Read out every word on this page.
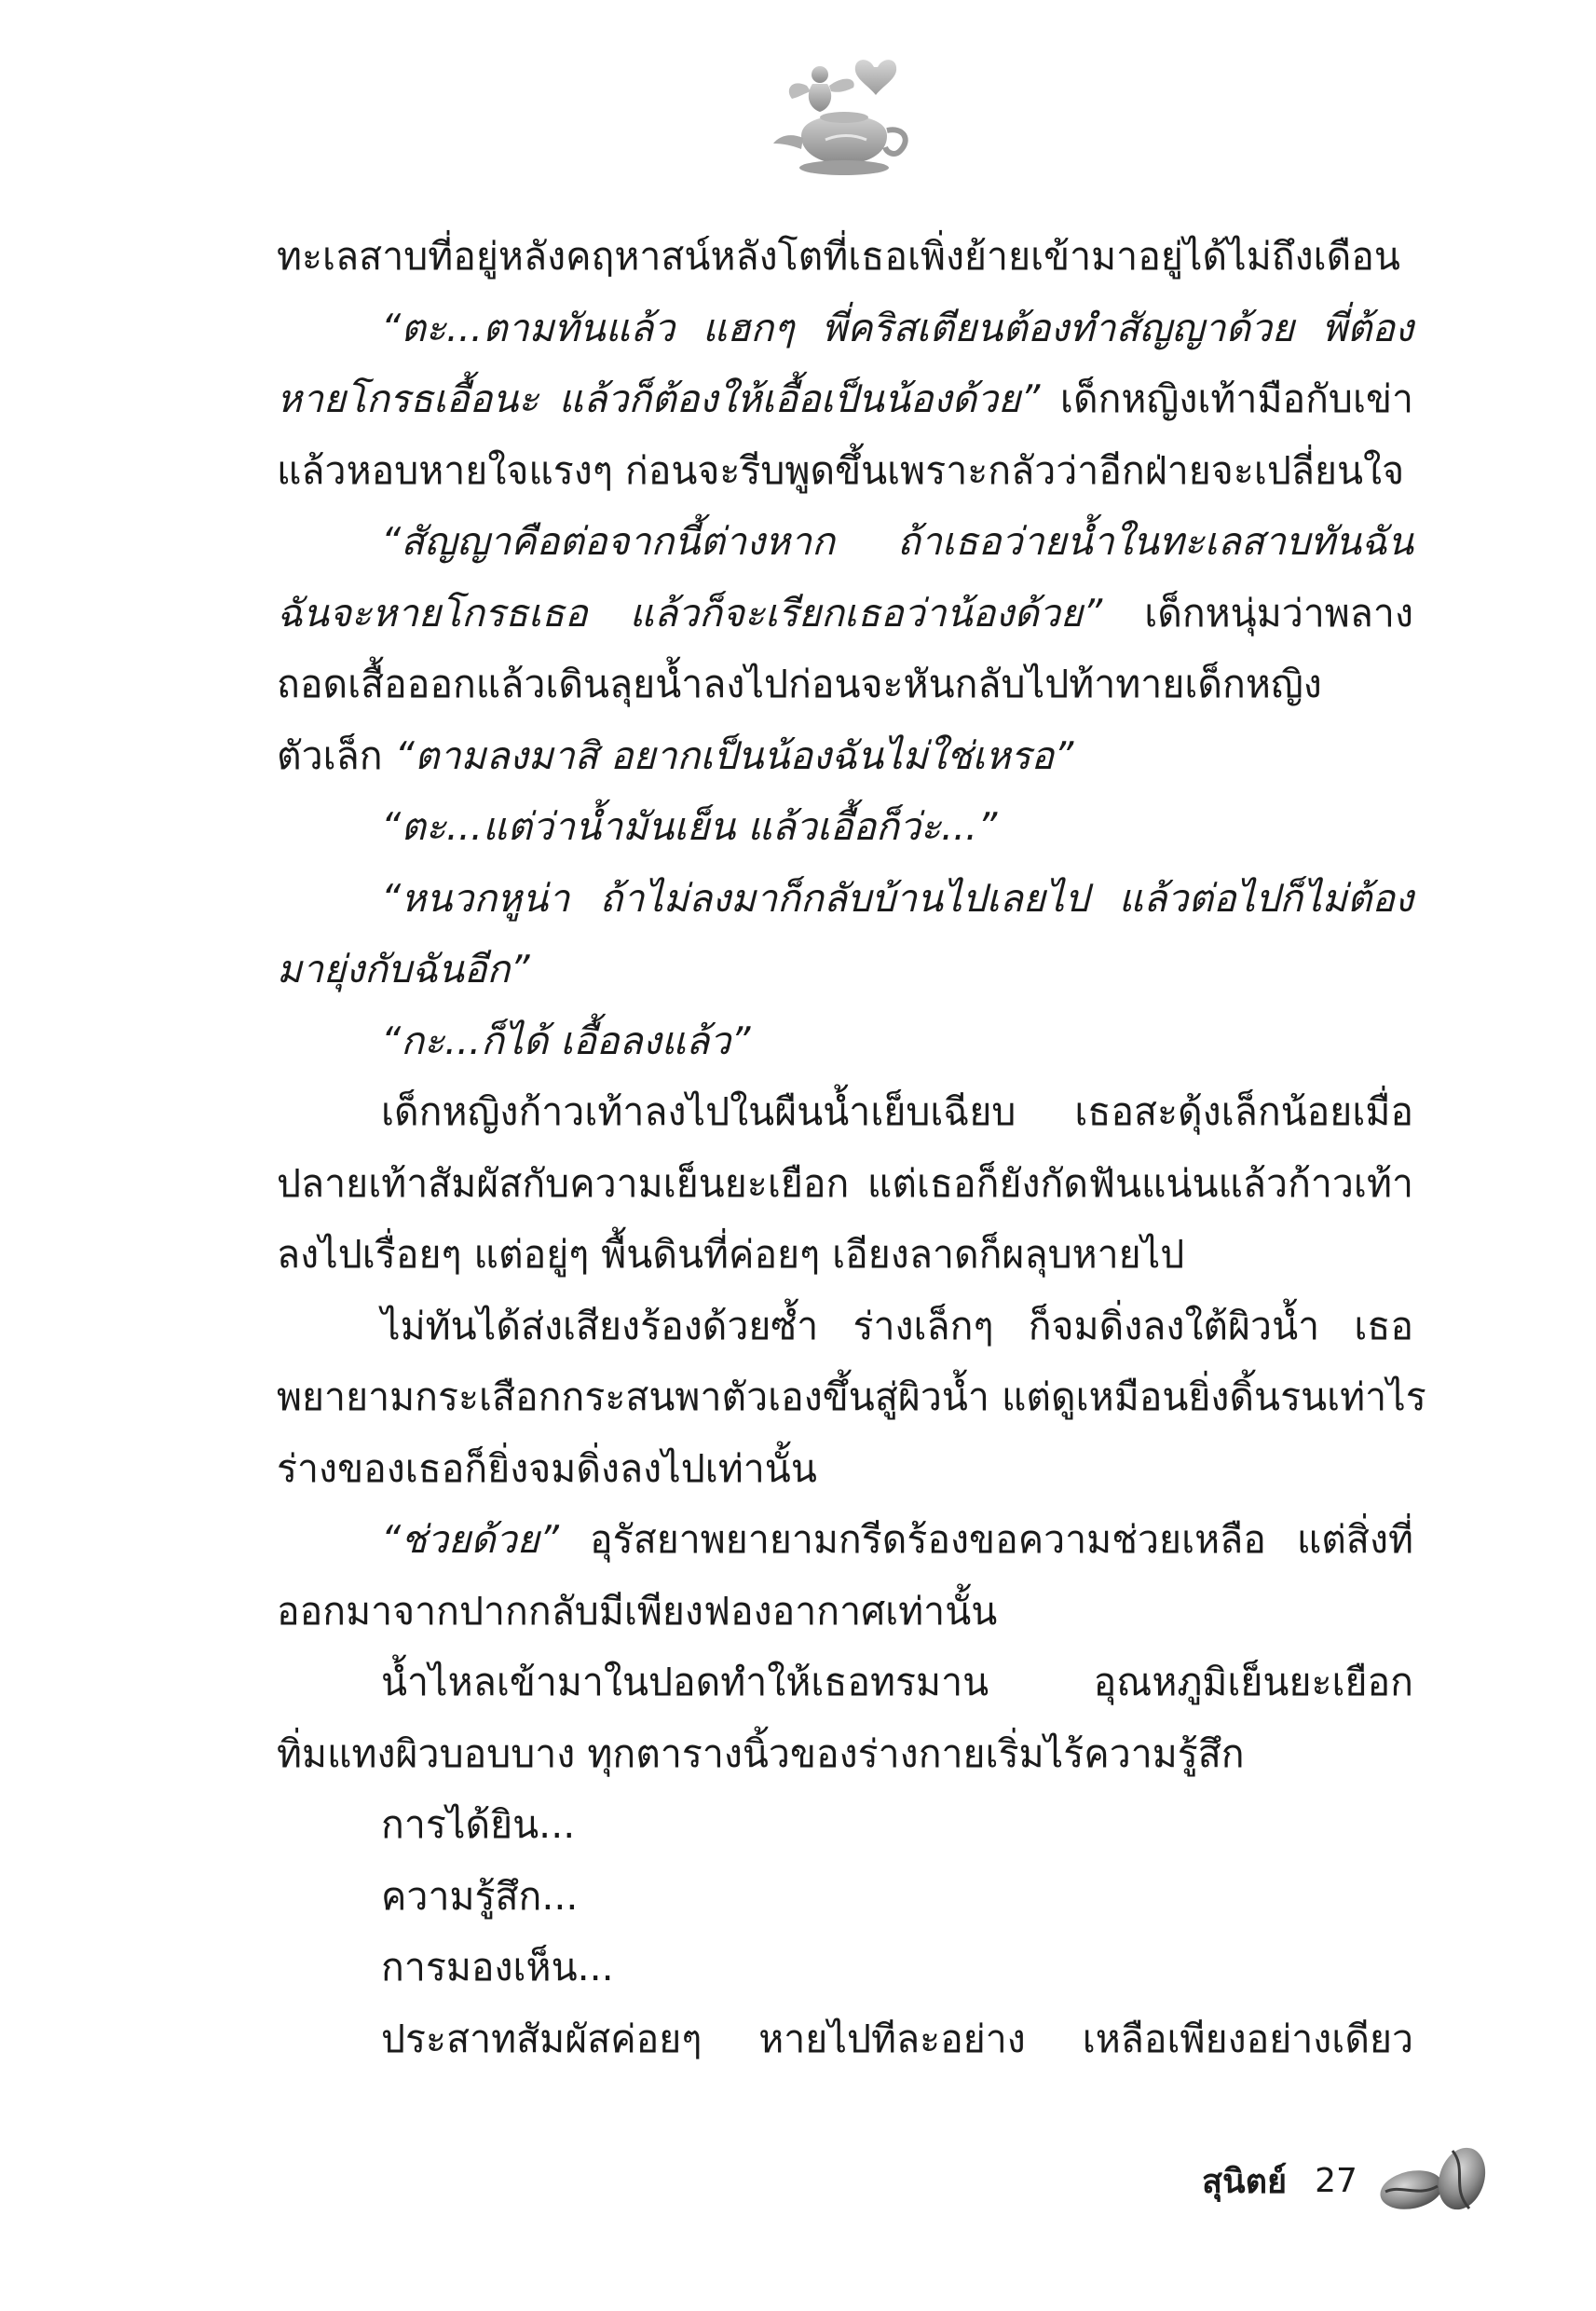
ทะเลสาบที่อยู่หลังคฤหาสน์หลังโตที่เธอเพิ่งย้ายเข้ามาอยู่ได้ไม่ถึงเดือน
“ตะ...ตามทันแล้ว แฮกๆ พี่คริสเตียนต้องทำสัญญาด้วย พี่ต้อง
หายโกรธเอื้อนะ แล้วก็ต้องให้เอื้อเป็นน้องด้วย” เด็กหญิงเท้ามือกับเข่า
แล้วหอบหายใจแรงๆ ก่อนจะรีบพูดขึ้นเพราะกลัวว่าอีกฝ่ายจะเปลี่ยนใจ
“สัญญาคือต่อจากนี้ต่างหาก ถ้าเธอว่ายน้ำในทะเลสาบทันฉัน
ฉันจะหายโกรธเธอ แล้วก็จะเรียกเธอว่าน้องด้วย” เด็กหนุ่มว่าพลาง
ถอดเสื้อออกแล้วเดินลุยน้ำลงไปก่อนจะหันกลับไปท้าทายเด็กหญิง
ตัวเล็ก “ตามลงมาสิ อยากเป็นน้องฉันไม่ใช่เหรอ”
“ตะ...แต่ว่าน้ำมันเย็น แล้วเอื้อก็ว่ะ...”
“หนวกหูน่า ถ้าไม่ลงมาก็กลับบ้านไปเลยไป แล้วต่อไปก็ไม่ต้อง
มายุ่งกับฉันอีก”
“กะ...ก็ได้ เอื้อลงแล้ว”
เด็กหญิงก้าวเท้าลงไปในผืนน้ำเย็บเฉียบ เธอสะดุ้งเล็กน้อยเมื่อ
ปลายเท้าสัมผัสกับความเย็นยะเยือก แต่เธอก็ยังกัดฟันแน่นแล้วก้าวเท้า
ลงไปเรื่อยๆ แต่อยู่ๆ พื้นดินที่ค่อยๆ เอียงลาดก็ผลุบหายไป
ไม่ทันได้ส่งเสียงร้องด้วยซ้ำ ร่างเล็กๆ ก็จมดิ่งลงใต้ผิวน้ำ เธอ
พยายามกระเสือกกระสนพาตัวเองขึ้นสู่ผิวน้ำ แต่ดูเหมือนยิ่งดิ้นรนเท่าไร
ร่างของเธอก็ยิ่งจมดิ่งลงไปเท่านั้น
“ช่วยด้วย” อุรัสยาพยายามกรีดร้องขอความช่วยเหลือ แต่สิ่งที่
ออกมาจากปากกลับมีเพียงฟองอากาศเท่านั้น
น้ำไหลเข้ามาในปอดทำให้เธอทรมาน อุณหภูมิเย็นยะเยือก
ทิ่มแทงผิวบอบบาง ทุกตารางนิ้วของร่างกายเริ่มไร้ความรู้สึก
การได้ยิน...
ความรู้สึก...
การมองเห็น...
ประสาทสัมผัสค่อยๆ หายไปทีละอย่าง เหลือเพียงอย่างเดียว
สุนิตย์ 27
